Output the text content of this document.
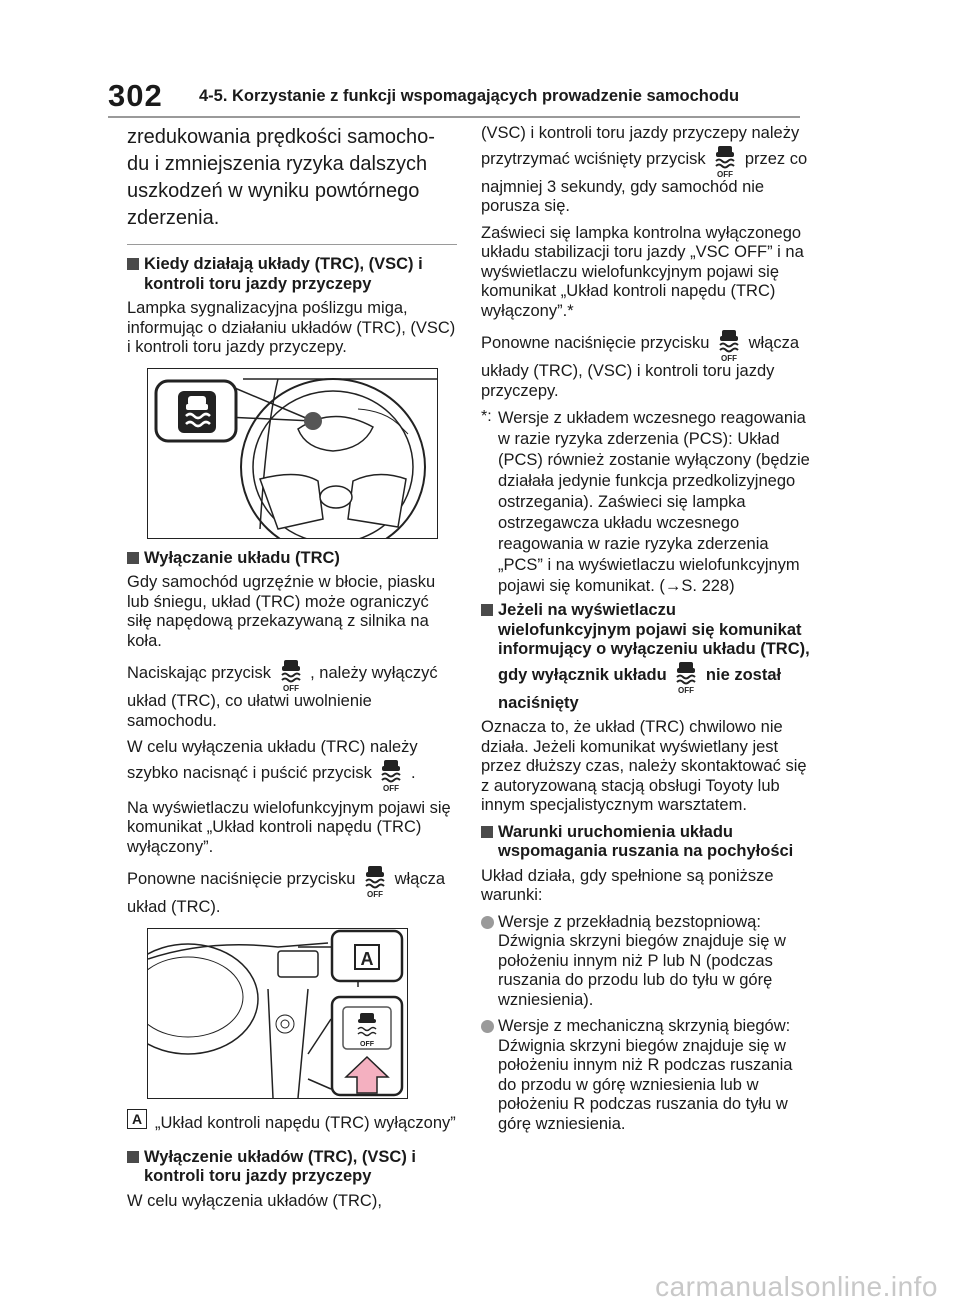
302 4-5. Korzystanie z funkcji wspomagających prowadzenie samochodu

zredukowania prędkości samocho-

du i zmniejszenia ryzyka dalszych

uszkodzeń w wyniku powtórnego

zderzenia.

Kiedy działają układy (TRC), (VSC) i kontroli toru jazdy przyczepy

Lampka sygnalizacyjna poślizgu miga, informując o działaniu układów (TRC), (VSC) i kontroli toru jazdy przyczepy.

Wyłączanie układu (TRC)

Gdy samochód ugrzęźnie w błocie, piasku lub śniegu, układ (TRC) może ograniczyć siłę napędową przekazywaną z silnika na koła.

Naciskając przycisk
OFF
, należy wyłączyć układ (TRC), co ułatwi uwolnienie samochodu.

W celu wyłączenia układu (TRC) należy szybko nacisnąć i puścić przycisk
OFF
.

Na wyświetlaczu wielofunkcyjnym pojawi się komunikat „Układ kontroli napędu (TRC) wyłączony”.

Ponowne naciśnięcie przycisku
OFF
włącza układ (TRC).

A
OFF
A „Układ kontroli napędu (TRC) wyłączony”

Wyłączenie układów (TRC), (VSC) i kontroli toru jazdy przyczepy

W celu wyłączenia układów (TRC),

(VSC) i kontroli toru jazdy przyczepy należy przytrzymać wciśnięty przycisk
OFF
przez co najmniej 3 sekundy, gdy samochód nie porusza się.

Zaświeci się lampka kontrolna wyłączonego układu stabilizacji toru jazdy „VSC OFF” i na wyświetlaczu wielofunkcyjnym pojawi się komunikat „Układ kontroli napędu (TRC) wyłączony”.*

Ponowne naciśnięcie przycisku
OFF
włącza układy (TRC), (VSC) i kontroli toru jazdy przyczepy.

*: Wersje z układem wczesnego reagowania w razie ryzyka zderzenia (PCS): Układ (PCS) również zostanie wyłączony (będzie działała jedynie funkcja przedkolizyjnego ostrzegania). Zaświeci się lampka ostrzegawcza układu wczesnego reagowania w razie ryzyka zderzenia „PCS” i na wyświetlaczu wielofunkcyjnym pojawi się komunikat. (→S. 228)

Jeżeli na wyświetlaczu wielofunkcyjnym pojawi się komunikat informujący o wyłączeniu układu (TRC), gdy wyłącznik układu
OFF
nie został naciśnięty

Oznacza to, że układ (TRC) chwilowo nie działa. Jeżeli komunikat wyświetlany jest przez dłuższy czas, należy skontaktować się z autoryzowaną stacją obsługi Toyoty lub innym specjalistycznym warsztatem.

Warunki uruchomienia układu wspomagania ruszania na pochyłości

Układ działa, gdy spełnione są poniższe warunki:

Wersje z przekładnią bezstopniową: Dźwignia skrzyni biegów znajduje się w położeniu innym niż P lub N (podczas ruszania do przodu lub do tyłu w górę wzniesienia).

Wersje z mechaniczną skrzynią biegów: Dźwignia skrzyni biegów znajduje się w położeniu innym niż R podczas ruszania do przodu w górę wzniesienia lub w położeniu R podczas ruszania do tyłu w górę wzniesienia.

carmanualsonline.info
